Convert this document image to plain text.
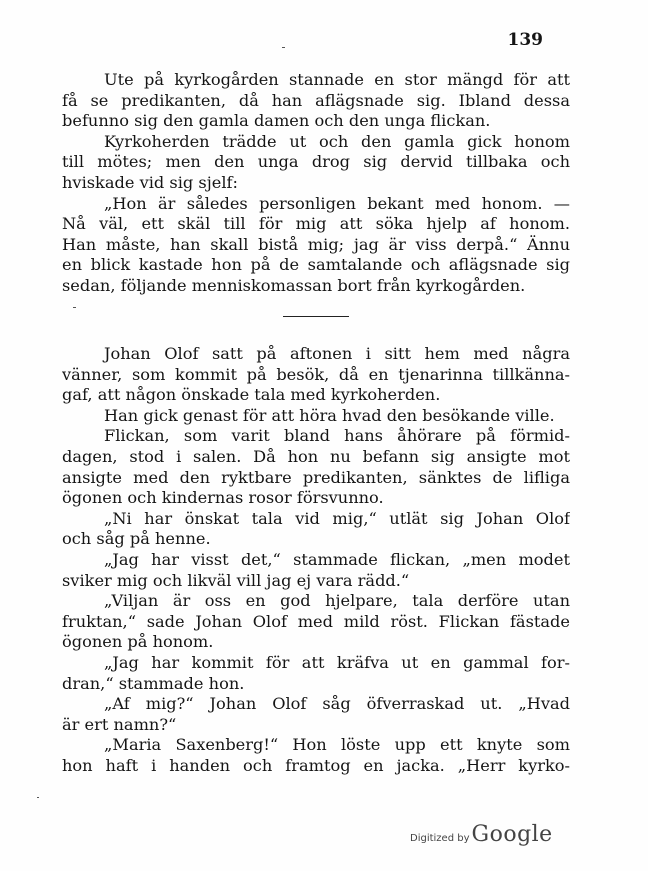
139
Ute på kyrkogården stannade en stor mängd för att
få se predikanten, då han aflägsnade sig. Ibland dessa
befunno sig den gamla damen och den unga flickan.
Kyrkoherden trädde ut och den gamla gick honom
till mötes; men den unga drog sig dervid tillbaka och
hviskade vid sig sjelf:
„Hon är således personligen bekant med honom. —
Nå väl, ett skäl till för mig att söka hjelp af honom.
Han måste, han skall bistå mig; jag är viss derpå.“ Ännu
en blick kastade hon på de samtalande och aflägsnade sig
sedan, följande menniskomassan bort från kyrkogården.
Johan Olof satt på aftonen i sitt hem med några
vänner, som kommit på besök, då en tjenarinna tillkänna-
gaf, att någon önskade tala med kyrkoherden.
Han gick genast för att höra hvad den besökande ville.
Flickan, som varit bland hans åhörare på förmid-
dagen, stod i salen. Då hon nu befann sig ansigte mot
ansigte med den ryktbare predikanten, sänktes de lifliga
ögonen och kindernas rosor försvunno.
„Ni har önskat tala vid mig,“ utlät sig Johan Olof
och såg på henne.
„Jag har visst det,“ stammade flickan, „men modet
sviker mig och likväl vill jag ej vara rädd.“
„Viljan är oss en god hjelpare, tala derföre utan
fruktan,“ sade Johan Olof med mild röst. Flickan fästade
ögonen på honom.
„Jag har kommit för att kräfva ut en gammal for-
dran,“ stammade hon.
„Af mig?“ Johan Olof såg öfverraskad ut. „Hvad
är ert namn?“
„Maria Saxenberg!“ Hon löste upp ett knyte som
hon haft i handen och framtog en jacka. „Herr kyrko-
Digitized by Google
